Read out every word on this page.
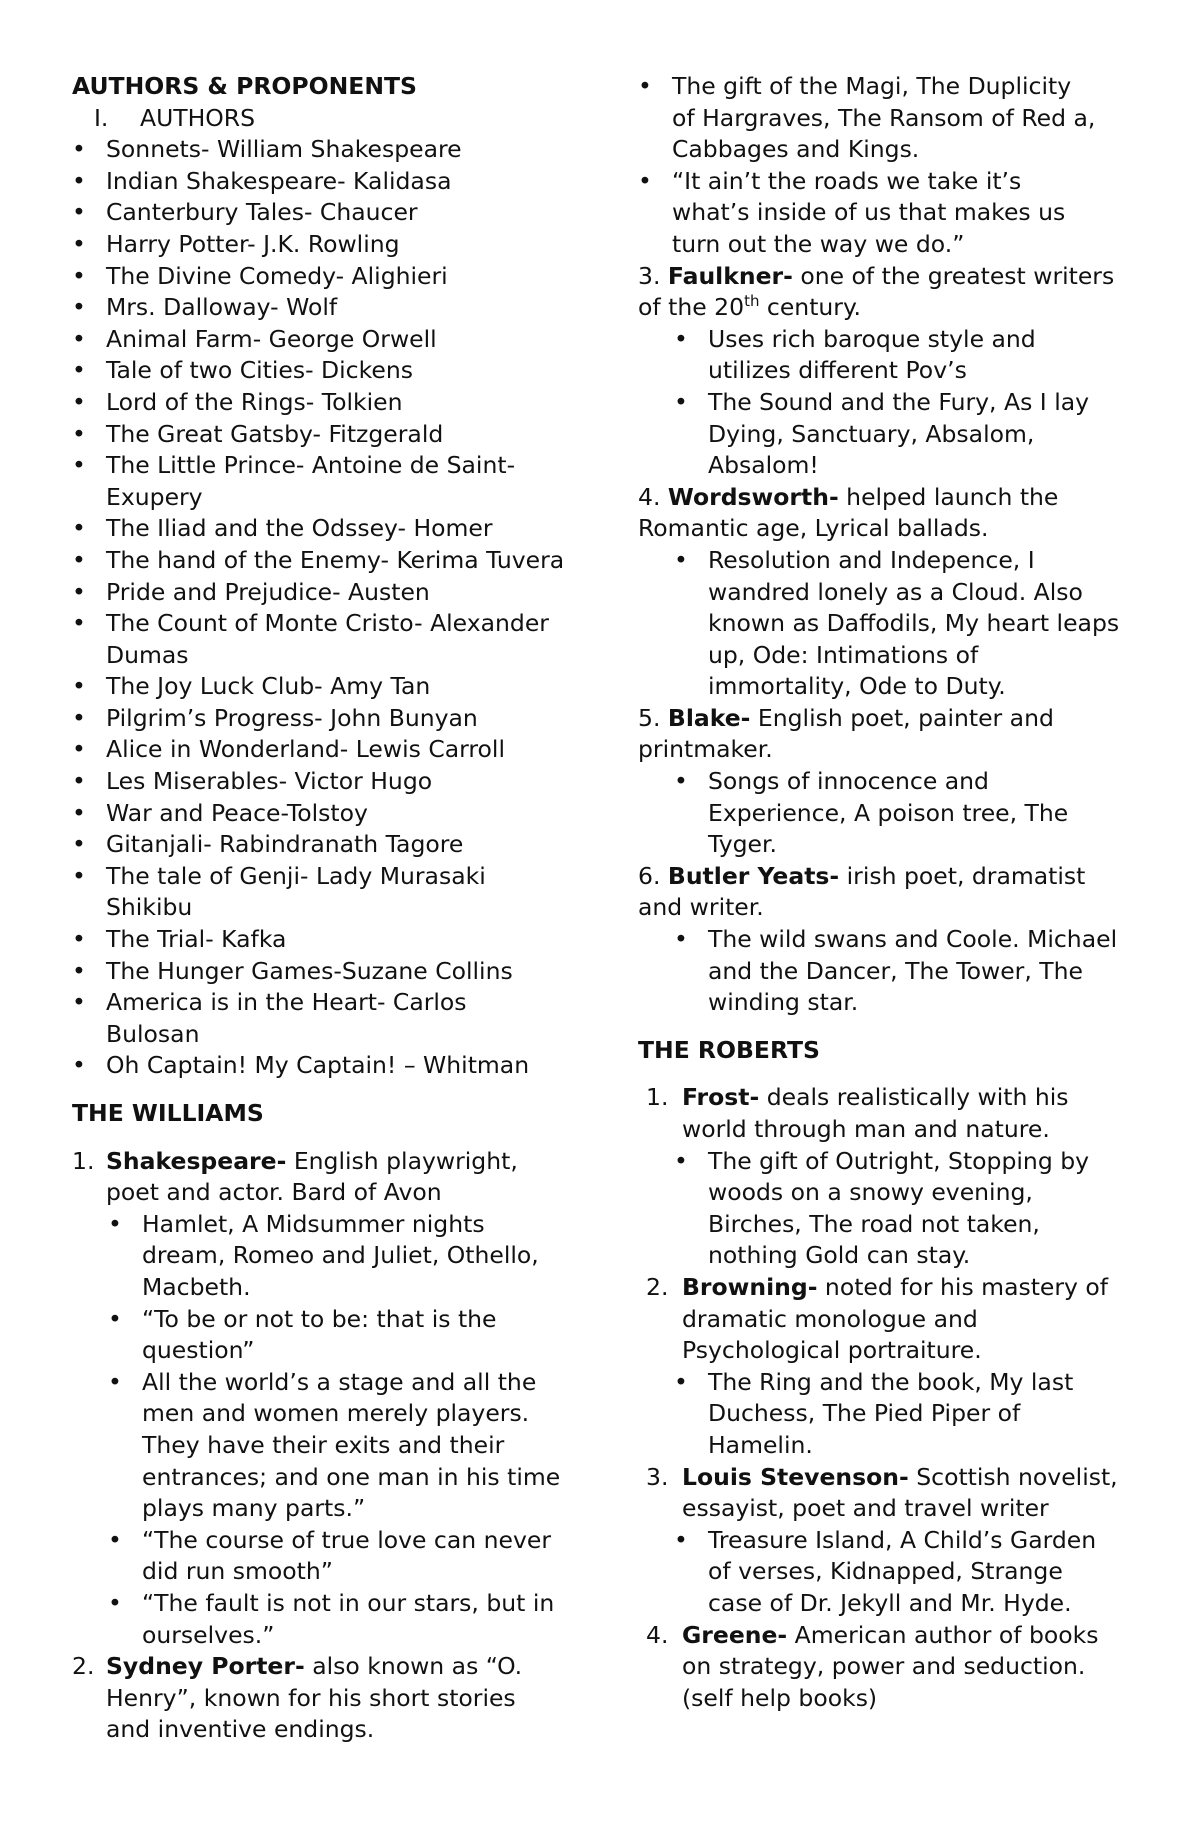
AUTHORS & PROPONENTS

I. AUTHORS
• Sonnets- William Shakespeare
• Indian Shakespeare- Kalidasa
• Canterbury Tales- Chaucer
• Harry Potter- J.K. Rowling
• The Divine Comedy- Alighieri
• Mrs. Dalloway- Wolf
• Animal Farm- George Orwell
• Tale of two Cities- Dickens
• Lord of the Rings- Tolkien
• The Great Gatsby- Fitzgerald
• The Little Prince- Antoine de Saint-
Exupery
• The Iliad and the Odssey- Homer
• The hand of the Enemy- Kerima Tuvera
• Pride and Prejudice- Austen
• The Count of Monte Cristo- Alexander
Dumas
• The Joy Luck Club- Amy Tan
• Pilgrim’s Progress- John Bunyan
• Alice in Wonderland- Lewis Carroll
• Les Miserables- Victor Hugo
• War and Peace-Tolstoy
• Gitanjali- Rabindranath Tagore
• The tale of Genji- Lady Murasaki
Shikibu
• The Trial- Kafka
• The Hunger Games-Suzane Collins
• America is in the Heart- Carlos
Bulosan
• Oh Captain! My Captain! – Whitman

THE WILLIAMS

1. Shakespeare- English playwright,
poet and actor. Bard of Avon
• Hamlet, A Midsummer nights
dream, Romeo and Juliet, Othello,
Macbeth.
• “To be or not to be: that is the
question”
• All the world’s a stage and all the
men and women merely players.
They have their exits and their
entrances; and one man in his time
plays many parts.”
• “The course of true love can never
did run smooth”
• “The fault is not in our stars, but in
ourselves.”
2. Sydney Porter- also known as “O.
Henry”, known for his short stories
and inventive endings.
• The gift of the Magi, The Duplicity
of Hargraves, The Ransom of Red a,
Cabbages and Kings.
• “It ain’t the roads we take it’s
what’s inside of us that makes us
turn out the way we do.”
3. Faulkner- one of the greatest writers
of the 20th century.
• Uses rich baroque style and
utilizes different Pov’s
• The Sound and the Fury, As I lay
Dying, Sanctuary, Absalom,
Absalom!
4. Wordsworth- helped launch the
Romantic age, Lyrical ballads.
• Resolution and Indepence, I
wandred lonely as a Cloud. Also
known as Daffodils, My heart leaps
up, Ode: Intimations of
immortality, Ode to Duty.
5. Blake- English poet, painter and
printmaker.
• Songs of innocence and
Experience, A poison tree, The
Tyger.
6. Butler Yeats- irish poet, dramatist
and writer.
• The wild swans and Coole. Michael
and the Dancer, The Tower, The
winding star.

THE ROBERTS

1. Frost- deals realistically with his
world through man and nature.
• The gift of Outright, Stopping by
woods on a snowy evening,
Birches, The road not taken,
nothing Gold can stay.
2. Browning- noted for his mastery of
dramatic monologue and
Psychological portraiture.
• The Ring and the book, My last
Duchess, The Pied Piper of
Hamelin.
3. Louis Stevenson- Scottish novelist,
essayist, poet and travel writer
• Treasure Island, A Child’s Garden
of verses, Kidnapped, Strange
case of Dr. Jekyll and Mr. Hyde.
4. Greene- American author of books
on strategy, power and seduction.
(self help books)
